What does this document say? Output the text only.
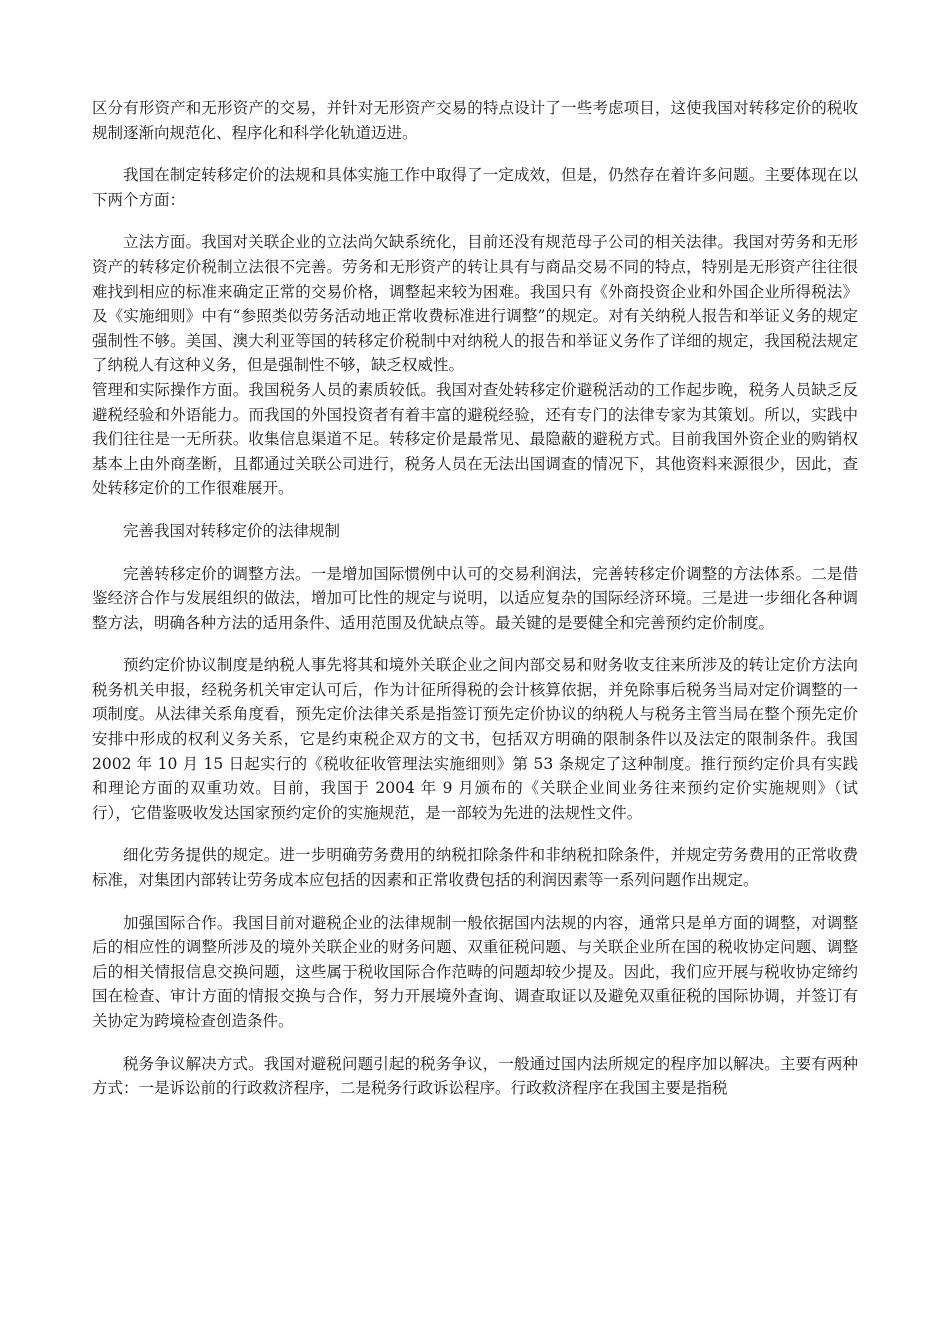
区分有形资产和无形资产的交易，并针对无形资产交易的特点设计了一些考虑项目，这使我国对转移定价的税收规制逐渐向规范化、程序化和科学化轨道迈进。

我国在制定转移定价的法规和具体实施工作中取得了一定成效，但是，仍然存在着许多问题。主要体现在以下两个方面：

立法方面。我国对关联企业的立法尚欠缺系统化，目前还没有规范母子公司的相关法律。我国对劳务和无形资产的转移定价税制立法很不完善。劳务和无形资产的转让具有与商品交易不同的特点，特别是无形资产往往很难找到相应的标准来确定正常的交易价格，调整起来较为困难。我国只有《外商投资企业和外国企业所得税法》及《实施细则》中有“参照类似劳务活动地正常收费标准进行调整”的规定。对有关纳税人报告和举证义务的规定强制性不够。美国、澳大利亚等国的转移定价税制中对纳税人的报告和举证义务作了详细的规定，我国税法规定了纳税人有这种义务，但是强制性不够，缺乏权威性。

管理和实际操作方面。我国税务人员的素质较低。我国对查处转移定价避税活动的工作起步晚，税务人员缺乏反避税经验和外语能力。而我国的外国投资者有着丰富的避税经验，还有专门的法律专家为其策划。所以，实践中我们往往是一无所获。收集信息渠道不足。转移定价是最常见、最隐蔽的避税方式。目前我国外资企业的购销权基本上由外商垄断，且都通过关联公司进行，税务人员在无法出国调查的情况下，其他资料来源很少，因此，查处转移定价的工作很难展开。

完善我国对转移定价的法律规制

完善转移定价的调整方法。一是增加国际惯例中认可的交易利润法，完善转移定价调整的方法体系。二是借鉴经济合作与发展组织的做法，增加可比性的规定与说明，以适应复杂的国际经济环境。三是进一步细化各种调整方法，明确各种方法的适用条件、适用范围及优缺点等。最关键的是要健全和完善预约定价制度。

预约定价协议制度是纳税人事先将其和境外关联企业之间内部交易和财务收支往来所涉及的转让定价方法向税务机关申报，经税务机关审定认可后，作为计征所得税的会计核算依据，并免除事后税务当局对定价调整的一项制度。从法律关系角度看，预先定价法律关系是指签订预先定价协议的纳税人与税务主管当局在整个预先定价安排中形成的权利义务关系，它是约束税企双方的文书，包括双方明确的限制条件以及法定的限制条件。我国 2002 年 10 月 15 日起实行的《税收征收管理法实施细则》第 53 条规定了这种制度。推行预约定价具有实践和理论方面的双重功效。目前，我国于 2004 年 9 月颁布的《关联企业间业务往来预约定价实施规则》（试行），它借鉴吸收发达国家预约定价的实施规范，是一部较为先进的法规性文件。

细化劳务提供的规定。进一步明确劳务费用的纳税扣除条件和非纳税扣除条件，并规定劳务费用的正常收费标准，对集团内部转让劳务成本应包括的因素和正常收费包括的利润因素等一系列问题作出规定。

加强国际合作。我国目前对避税企业的法律规制一般依据国内法规的内容，通常只是单方面的调整，对调整后的相应性的调整所涉及的境外关联企业的财务问题、双重征税问题、与关联企业所在国的税收协定问题、调整后的相关情报信息交换问题，这些属于税收国际合作范畴的问题却较少提及。因此，我们应开展与税收协定缔约国在检查、审计方面的情报交换与合作，努力开展境外查询、调查取证以及避免双重征税的国际协调，并签订有关协定为跨境检查创造条件。

税务争议解决方式。我国对避税问题引起的税务争议，一般通过国内法所规定的程序加以解决。主要有两种方式：一是诉讼前的行政救济程序，二是税务行政诉讼程序。行政救济程序在我国主要是指税
